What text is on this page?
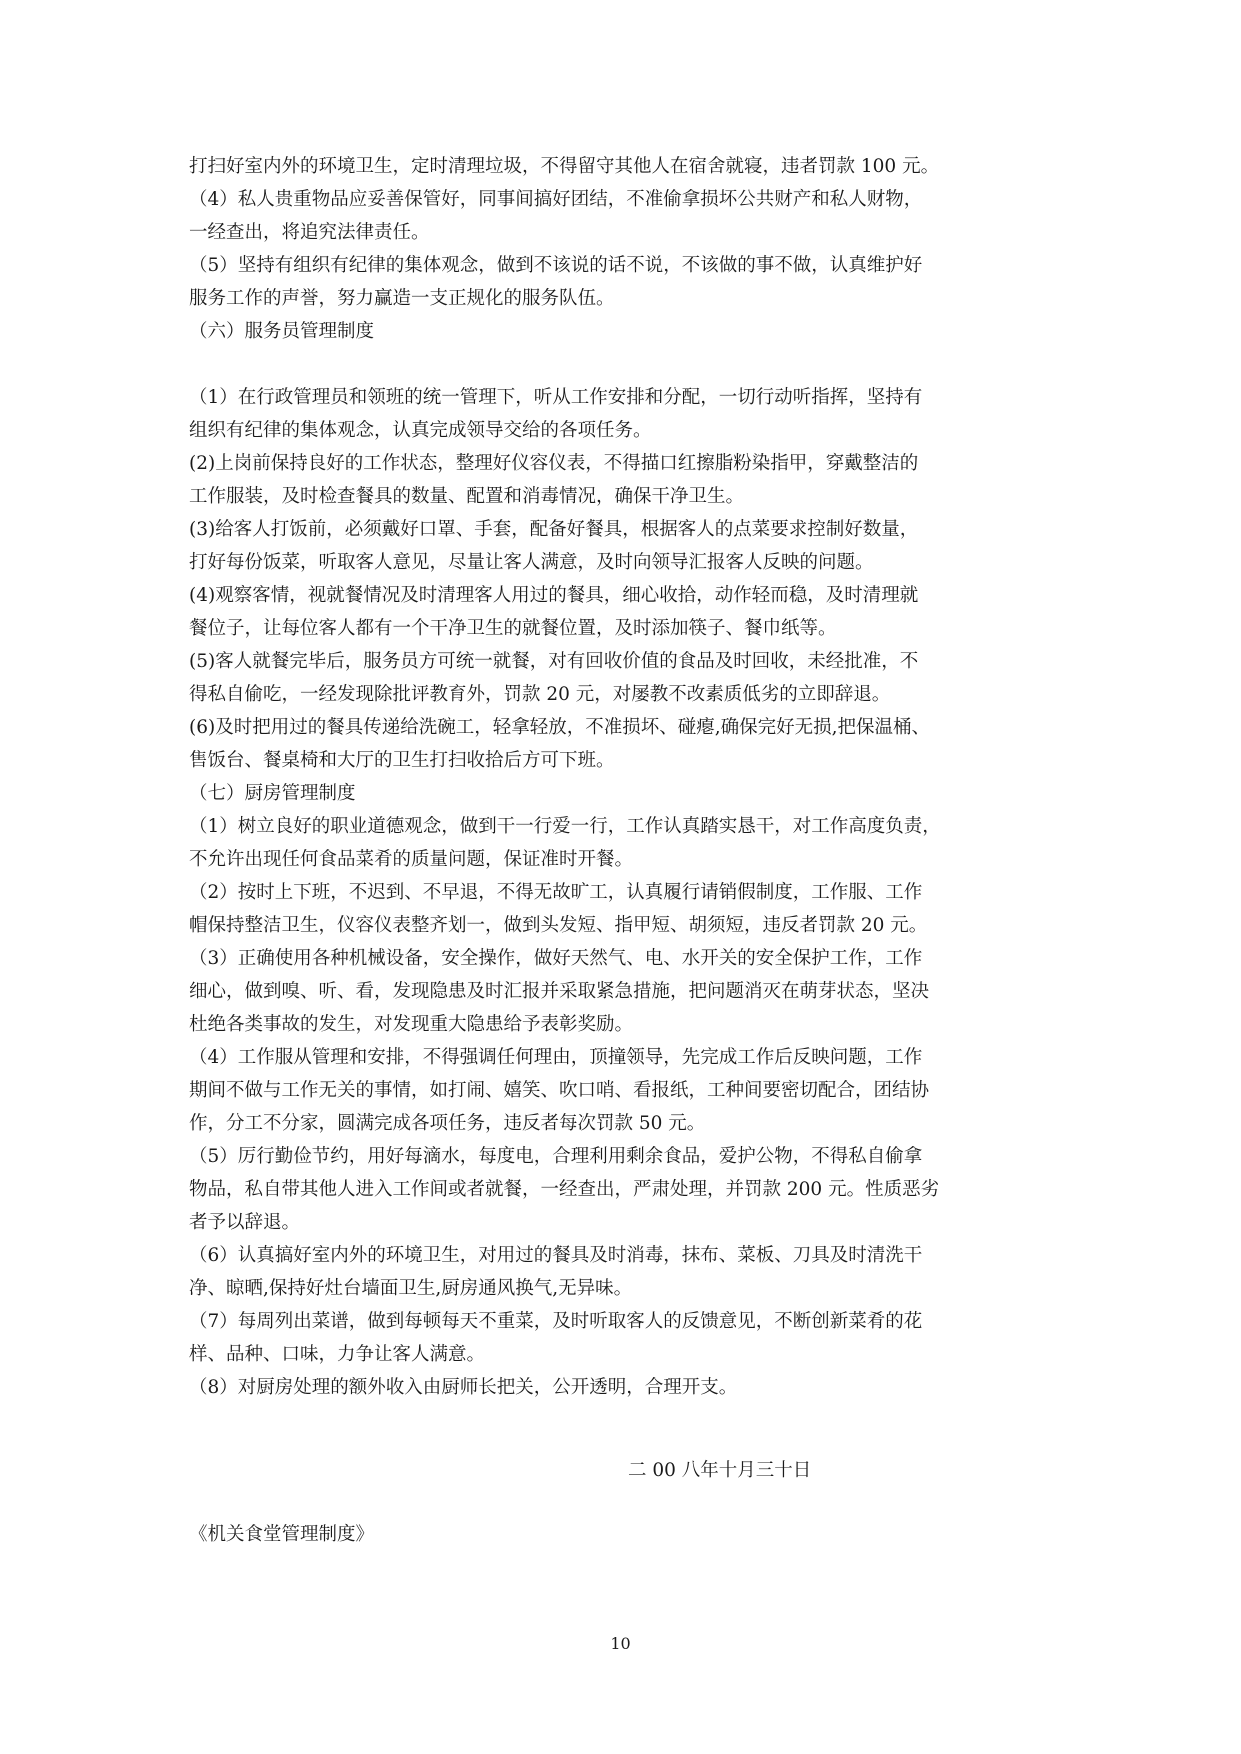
打扫好室内外的环境卫生，定时清理垃圾，不得留守其他人在宿舍就寝，违者罚款 100 元。
（4）私人贵重物品应妥善保管好，同事间搞好团结，不准偷拿损坏公共财产和私人财物，
一经查出，将追究法律责任。
（5）坚持有组织有纪律的集体观念，做到不该说的话不说，不该做的事不做，认真维护好
服务工作的声誉，努力赢造一支正规化的服务队伍。
（六）服务员管理制度
（1）在行政管理员和领班的统一管理下，听从工作安排和分配，一切行动听指挥，坚持有
组织有纪律的集体观念，认真完成领导交给的各项任务。
(2)上岗前保持良好的工作状态，整理好仪容仪表，不得描口红擦脂粉染指甲，穿戴整洁的
工作服装，及时检查餐具的数量、配置和消毒情况，确保干净卫生。
(3)给客人打饭前，必须戴好口罩、手套，配备好餐具，根据客人的点菜要求控制好数量，
打好每份饭菜，听取客人意见，尽量让客人满意，及时向领导汇报客人反映的问题。
(4)观察客情，视就餐情况及时清理客人用过的餐具，细心收拾，动作轻而稳，及时清理就
餐位子，让每位客人都有一个干净卫生的就餐位置，及时添加筷子、餐巾纸等。
(5)客人就餐完毕后，服务员方可统一就餐，对有回收价值的食品及时回收，未经批准，不
得私自偷吃，一经发现除批评教育外，罚款 20 元，对屡教不改素质低劣的立即辞退。
(6)及时把用过的餐具传递给洗碗工，轻拿轻放，不准损坏、碰瘪,确保完好无损,把保温桶、
售饭台、餐桌椅和大厅的卫生打扫收拾后方可下班。
（七）厨房管理制度
（1）树立良好的职业道德观念，做到干一行爱一行，工作认真踏实恳干，对工作高度负责，
不允许出现任何食品菜肴的质量问题，保证准时开餐。
（2）按时上下班，不迟到、不早退，不得无故旷工，认真履行请销假制度，工作服、工作
帽保持整洁卫生，仪容仪表整齐划一，做到头发短、指甲短、胡须短，违反者罚款 20 元。
（3）正确使用各种机械设备，安全操作，做好天然气、电、水开关的安全保护工作，工作
细心，做到嗅、听、看，发现隐患及时汇报并采取紧急措施，把问题消灭在萌芽状态，坚决
杜绝各类事故的发生，对发现重大隐患给予表彰奖励。
（4）工作服从管理和安排，不得强调任何理由，顶撞领导，先完成工作后反映问题，工作
期间不做与工作无关的事情，如打闹、嬉笑、吹口哨、看报纸，工种间要密切配合，团结协
作，分工不分家，圆满完成各项任务，违反者每次罚款 50 元。
（5）厉行勤俭节约，用好每滴水，每度电，合理利用剩余食品，爱护公物，不得私自偷拿
物品，私自带其他人进入工作间或者就餐，一经查出，严肃处理，并罚款 200 元。性质恶劣
者予以辞退。
（6）认真搞好室内外的环境卫生，对用过的餐具及时消毒，抹布、菜板、刀具及时清洗干
净、晾晒,保持好灶台墙面卫生,厨房通风换气,无异味。
（7）每周列出菜谱，做到每顿每天不重菜，及时听取客人的反馈意见，不断创新菜肴的花
样、品种、口味，力争让客人满意。
（8）对厨房处理的额外收入由厨师长把关，公开透明，合理开支。
二 00 八年十月三十日
《机关食堂管理制度》
10
